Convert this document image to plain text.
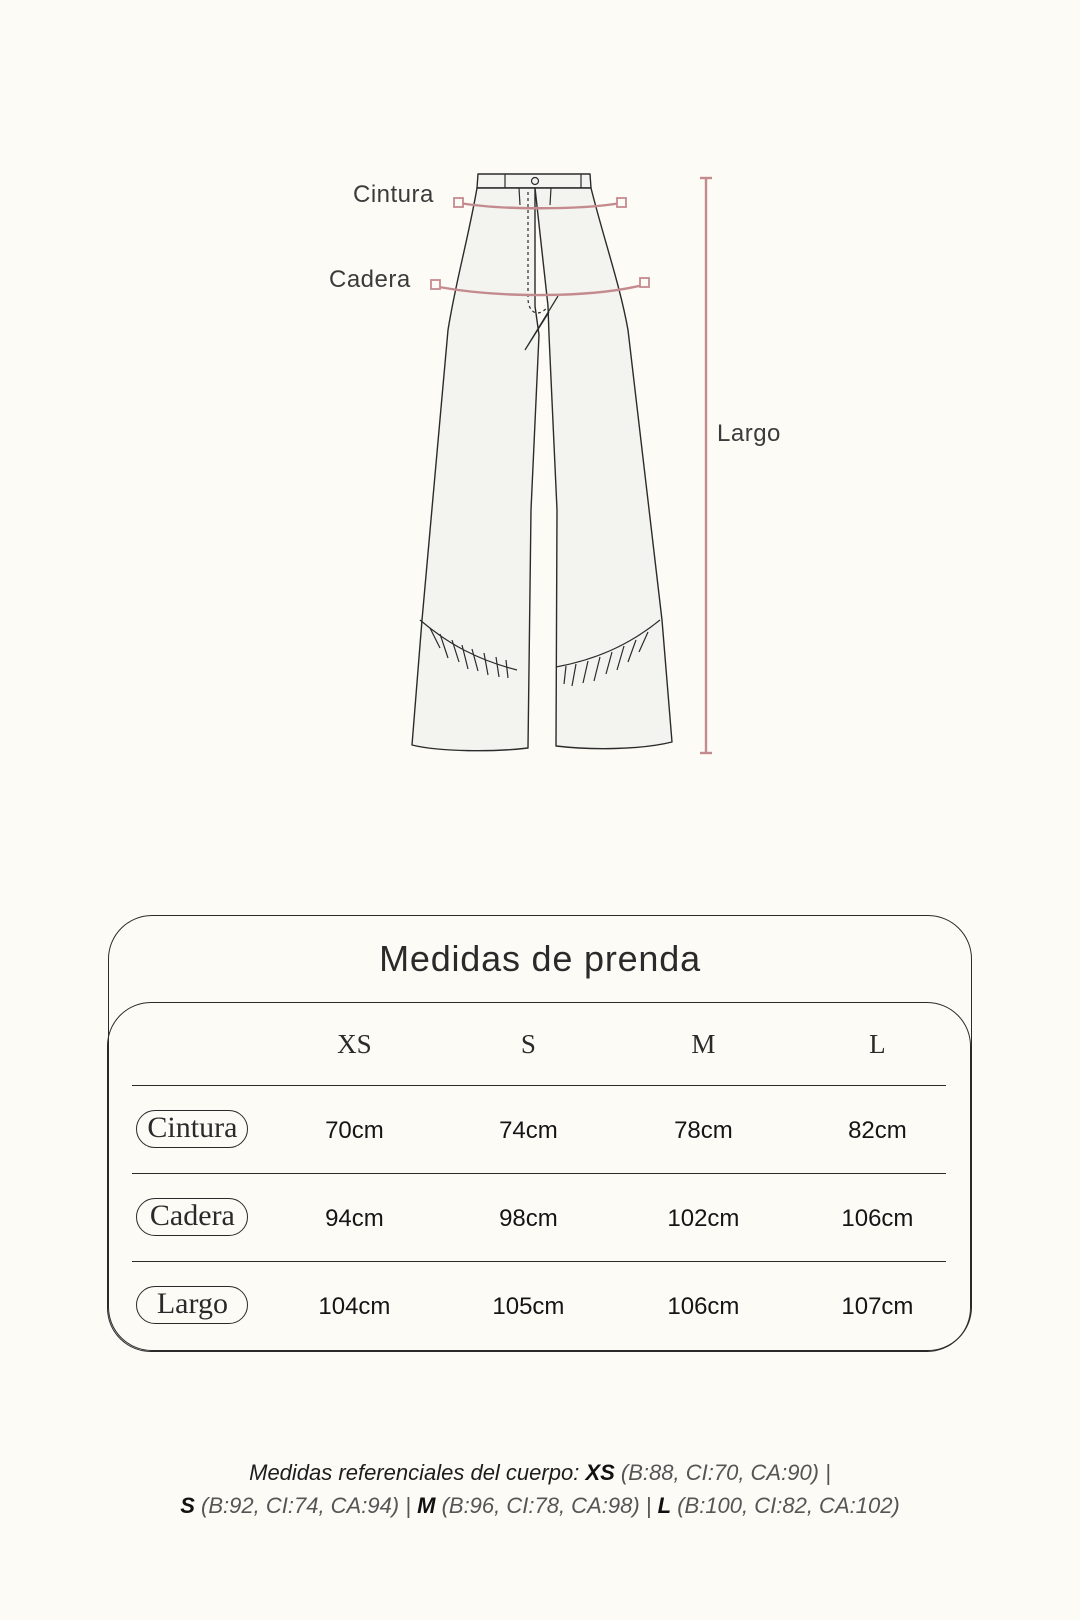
Cintura
Cadera
Largo
Medidas de prenda
XS	S	M	L
Cintura	70cm	74cm	78cm	82cm
Cadera	94cm	98cm	102cm	106cm
Largo	104cm	105cm	106cm	107cm
Medidas referenciales del cuerpo: XS (B:88, CI:70, CA:90) |
S (B:92, CI:74, CA:94) | M (B:96, CI:78, CA:98) | L (B:100, CI:82, CA:102)
